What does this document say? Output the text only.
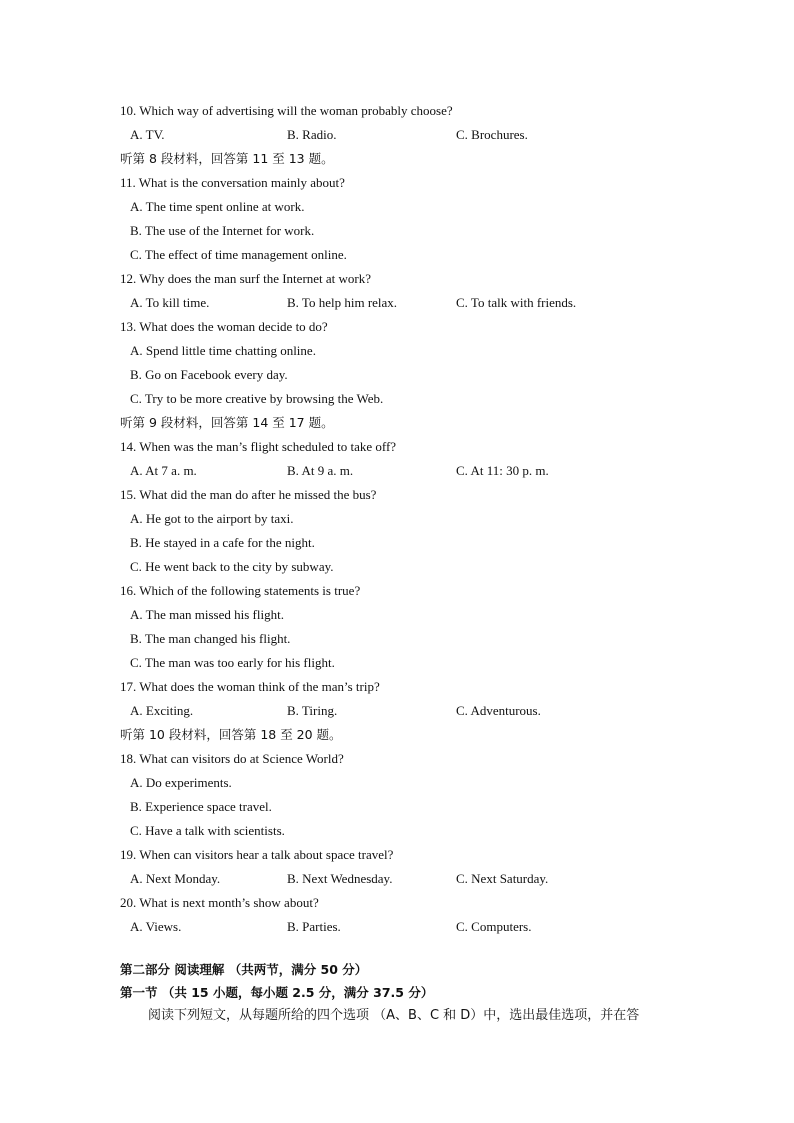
10. Which way of advertising will the woman probably choose?
A. TV.	B. Radio.	C. Brochures.
听第 8 段材料，回答第 11 至 13 题。
11. What is the conversation mainly about?
A. The time spent online at work.
B. The use of the Internet for work.
C. The effect of time management online.
12. Why does the man surf the Internet at work?
A. To kill time.	B. To help him relax.	C. To talk with friends.
13. What does the woman decide to do?
A. Spend little time chatting online.
B. Go on Facebook every day.
C. Try to be more creative by browsing the Web.
听第 9 段材料，回答第 14 至 17 题。
14. When was the man’s flight scheduled to take off?
A. At 7 a. m.	B. At 9 a. m.	C. At 11: 30 p. m.
15. What did the man do after he missed the bus?
A. He got to the airport by taxi.
B. He stayed in a cafe for the night.
C. He went back to the city by subway.
16. Which of the following statements is true?
A. The man missed his flight.
B. The man changed his flight.
C. The man was too early for his flight.
17. What does the woman think of the man’s trip?
A. Exciting.	B. Tiring.	C. Adventurous.
听第 10 段材料，回答第 18 至 20 题。
18. What can visitors do at Science World?
A. Do experiments.
B. Experience space travel.
C. Have a talk with scientists.
19. When can visitors hear a talk about space travel?
A. Next Monday.	B. Next Wednesday.	C. Next Saturday.
20. What is next month’s show about?
A. Views.	B. Parties.	C. Computers.
第二部分 阅读理解 （共两节，满分 50 分）
第一节 （共 15 小题，每小题 2.5 分，满分 37.5 分）
阅读下列短文，从每题所给的四个选项 （A、B、C 和 D）中，选出最佳选项，并在答
